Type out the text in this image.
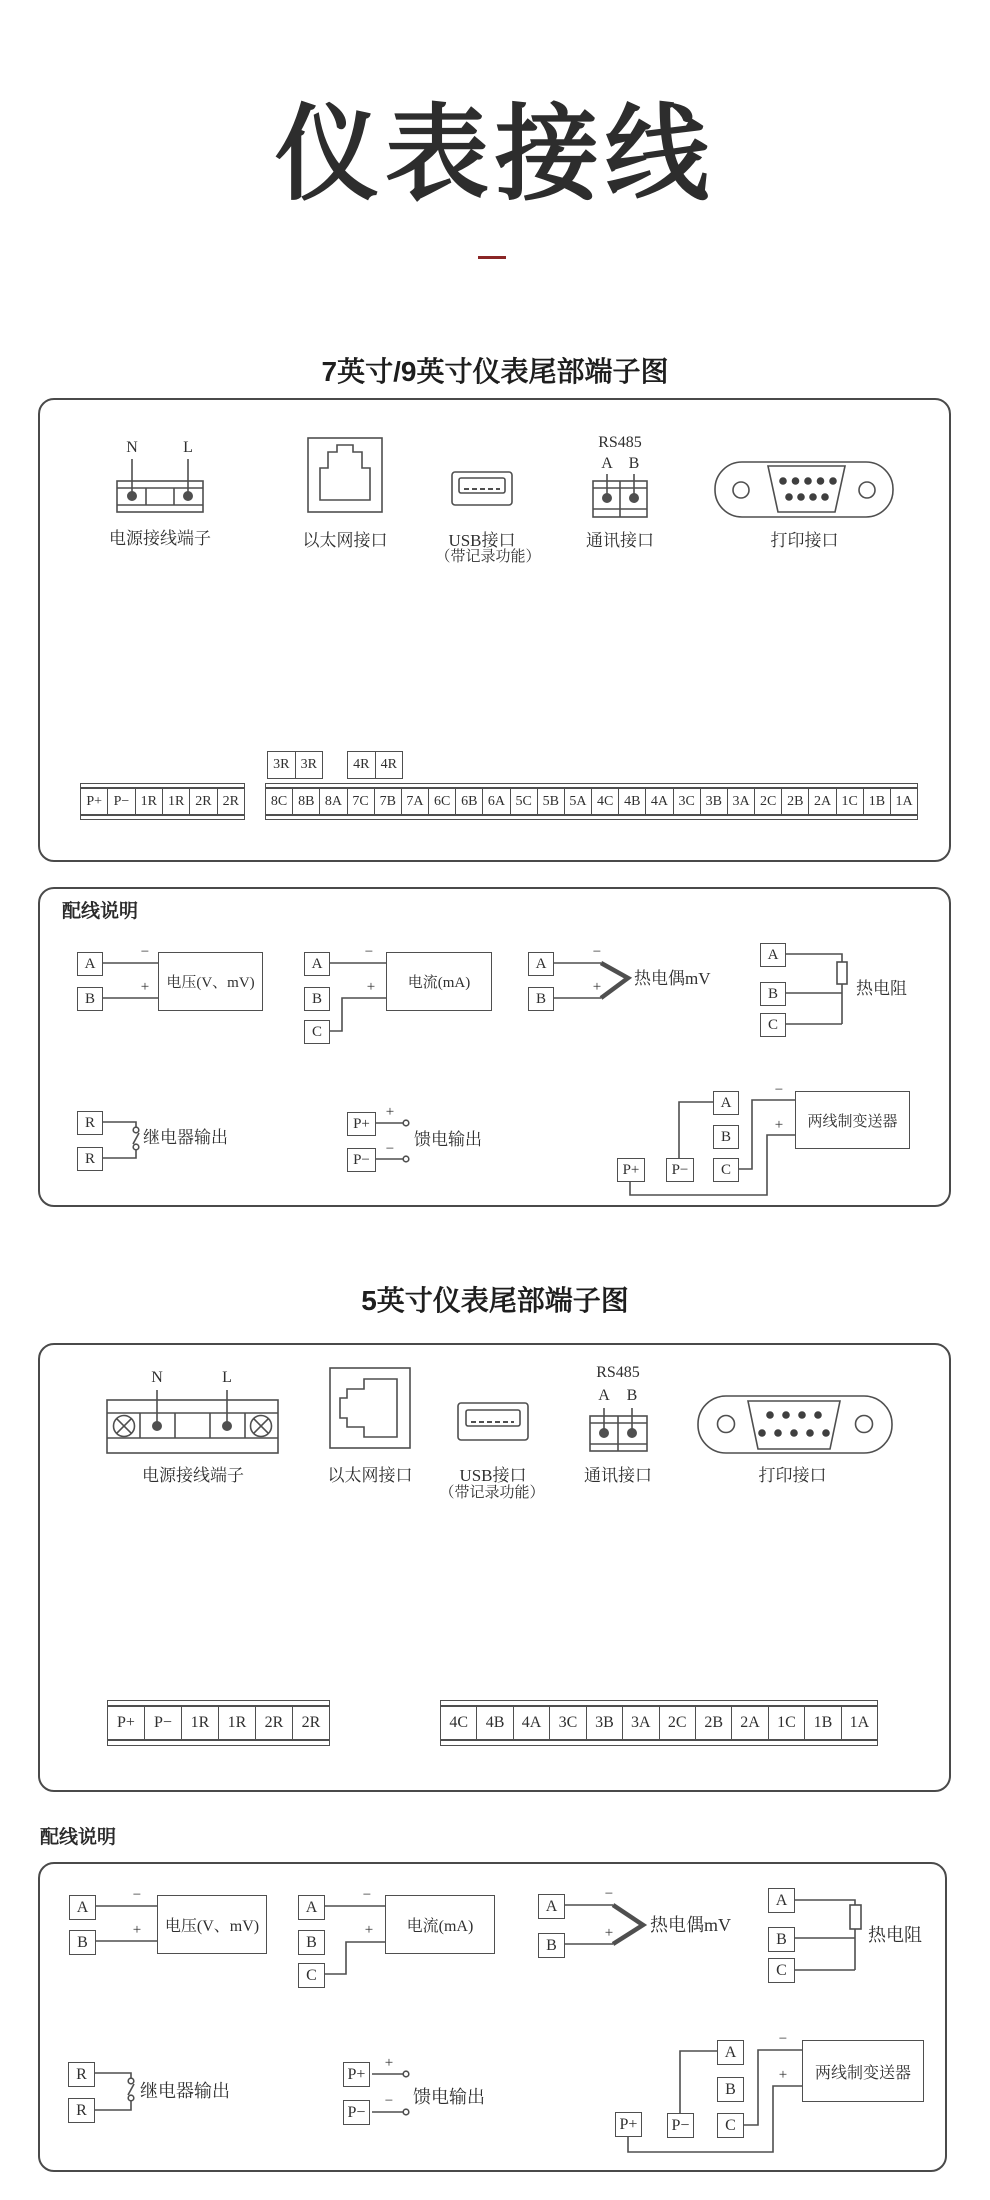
仪表接线
7英寸/9英寸仪表尾部端子图
配线说明
5英寸仪表尾部端子图
配线说明
N	L	RS485
A B
电源接线端子	以太网接口	USB接口
（带记录功能）
通讯接口	打印接口
3R 3R	4R 4R
P+ P− 1R 1R 2R 2R	8C 8B 8A 7C 7B 7A 6C 6B 6A 5C 5B 5A 4C 4B 4A 3C 3B 3A 2C 2B 2A 1C 1B 1A
A
B
电压(V、mV)
−
+
A
B
C
电流(mA)
−
+
A
B
−
+ 热电偶mV
A
B
C
热电阻
R
R
继电器输出
P+
P−
+
− 馈电输出
P+	P−
A
B
C
两线制变送器
−
+
N	L	RS485
A B
电源接线端子	以太网接口	USB接口
（带记录功能）
通讯接口	打印接口
P+	P−	1R	1R	2R	2R	4C	4B	4A	3C	3B	3A	2C	2B	2A	1C	1B	1A
A
B
电压(V、mV)
−
+
A
B
C
电流(mA)
−
+
A
B
−
+ 热电偶mV
A
B
C
热电阻
R
R
继电器输出
P+
P−
+
− 馈电输出
P+ P−
A
B
C
两线制变送器
−
+
